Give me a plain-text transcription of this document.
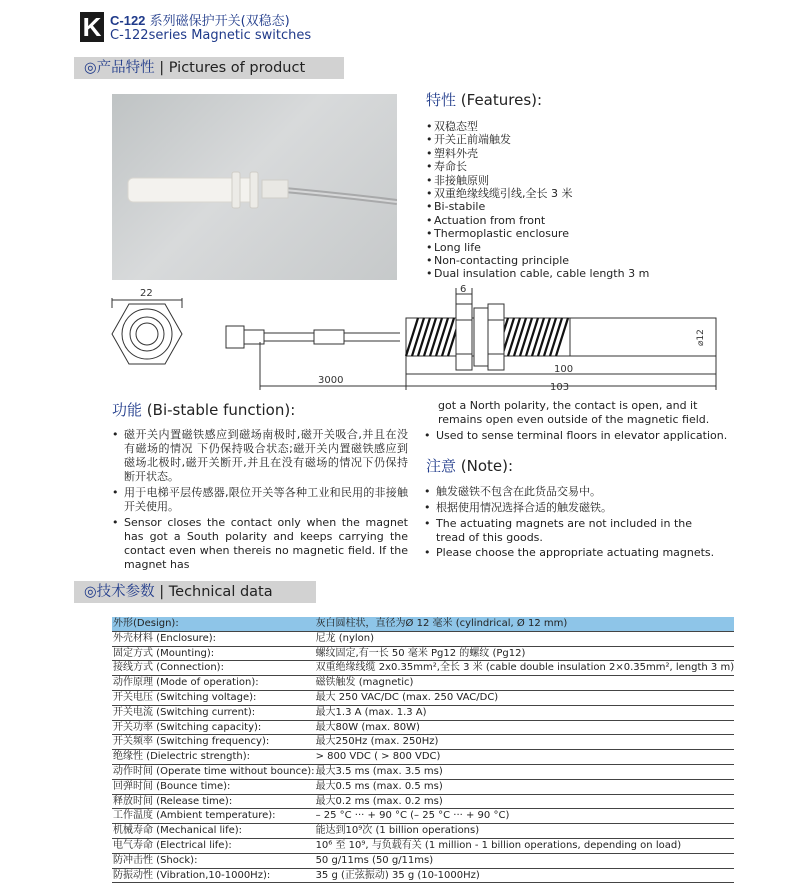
K C-122 系列磁保护开关(双稳态)
C-122series Magnetic switches
◎产品特性 | Pictures of product
特性 (Features):
• 双稳态型
• 开关正前端触发
• 塑料外壳
• 寿命长
• 非接触原则
• 双重绝缘线缆引线,全长 3 米
• Bi-stabile
• Actuation from front
• Thermoplastic enclosure
• Long life
• Non-contacting principle
• Dual insulation cable, cable length 3 m
22	6
3000
100
103
⌀12
功能 (Bi-stable function):
• 磁开关内置磁铁感应到磁场南极时,磁开关吸合,并且在没 有磁场的情况 下仍保持吸合状态;磁开关内置磁铁感应到 磁场北极时,磁开关断开,并且在没有磁场的情况下仍保持 断开状态。
• 用于电梯平层传感器,限位开关等各种工业和民用的非接触 开关使用。
• Sensor closes the contact only when the magnet has got a South polarity and keeps carrying the contact even when thereis no magnetic field. If the magnet has
got a North polarity, the contact is open, and it remains open even outside of the magnetic field.
• Used to sense terminal floors in elevator application.
注意 (Note):
• 触发磁铁不包含在此货品交易中。
• 根据使用情况选择合适的触发磁铁。
• The actuating magnets are not included in the tread of this goods.
• Please choose the appropriate actuating magnets.
◎技术参数 | Technical data
外形(Design):	灰白圆柱状，直径为Ø 12 毫米 (cylindrical, Ø 12 mm)
外壳材料 (Enclosure):	尼龙 (nylon)
固定方式 (Mounting):	螺纹固定,有一长 50 毫米 Pg12 的螺纹 (Pg12)
接线方式 (Connection):	双重绝缘线缆 2x0.35mm²,全长 3 米 (cable double insulation 2×0.35mm², length 3 m)
动作原理 (Mode of operation):	磁铁触发 (magnetic)
开关电压 (Switching voltage):	最大 250 VAC/DC (max. 250 VAC/DC)
开关电流 (Switching current):	最大1.3 A (max. 1.3 A)
开关功率 (Switching capacity):	最大80W (max. 80W)
开关频率 (Switching frequency):	最大250Hz (max. 250Hz)
绝缘性 (Dielectric strength):	> 800 VDC ( > 800 VDC)
动作时间 (Operate time without bounce):	最大3.5 ms (max. 3.5 ms)
回弹时间 (Bounce time):	最大0.5 ms (max. 0.5 ms)
释放时间 (Release time):	最大0.2 ms (max. 0.2 ms)
工作温度 (Ambient temperature):	– 25 °C ··· + 90 °C (– 25 °C ··· + 90 °C)
机械寿命 (Mechanical life):	能达到10⁹次 (1 billion operations)
电气寿命 (Electrical life):	10⁶ 至 10⁹, 与负载有关 (1 million - 1 billion operations, depending on load)
防冲击性 (Shock):	50 g/11ms (50 g/11ms)
防振动性 (Vibration,10-1000Hz):	35 g (正弦振动) 35 g (10-1000Hz)
